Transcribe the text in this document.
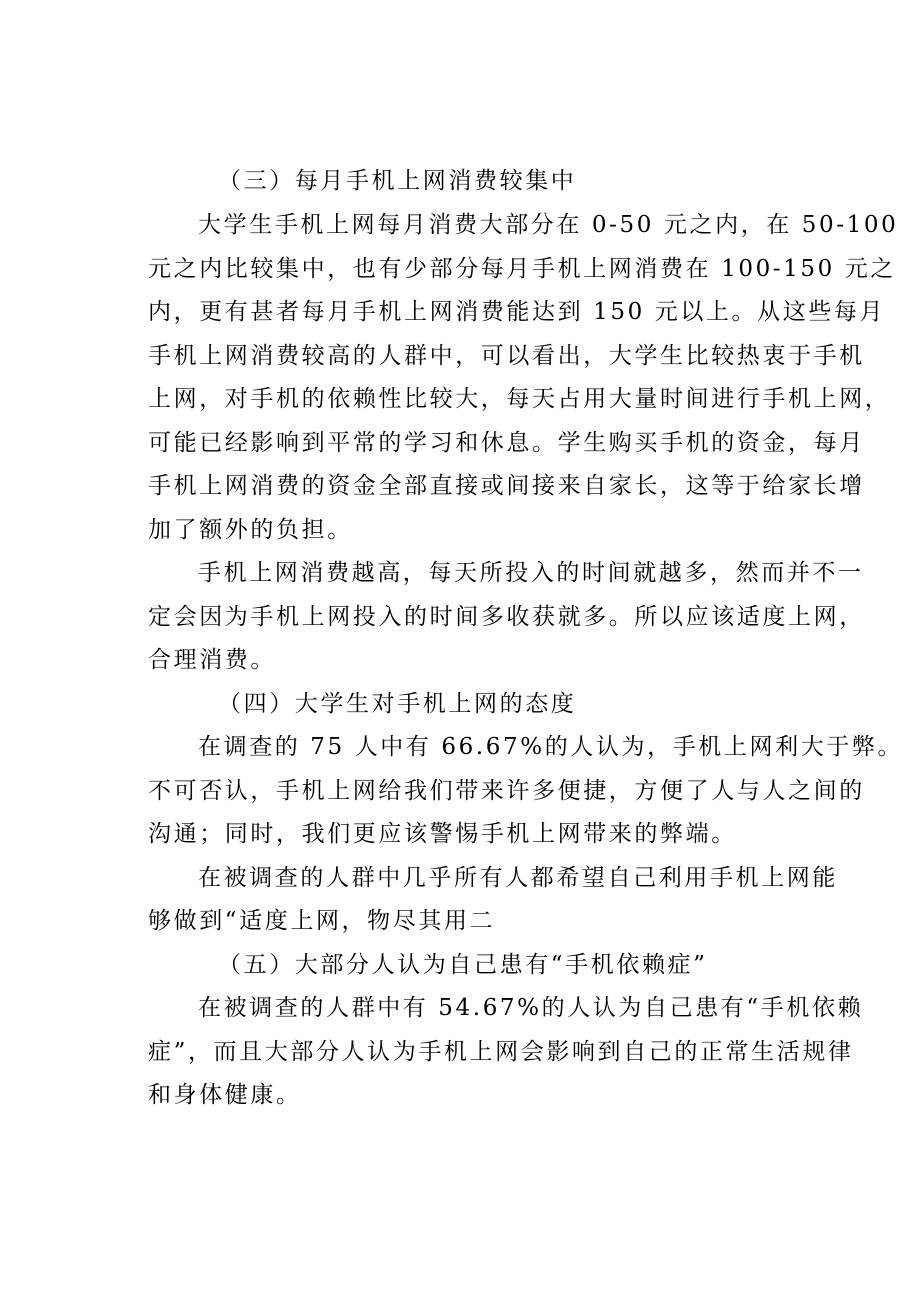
（三）每月手机上网消费较集中
大学生手机上网每月消费大部分在 0-50 元之内，在 50-100
元之内比较集中，也有少部分每月手机上网消费在 100-150 元之
内，更有甚者每月手机上网消费能达到 150 元以上。从这些每月
手机上网消费较高的人群中，可以看出，大学生比较热衷于手机
上网，对手机的依赖性比较大，每天占用大量时间进行手机上网，
可能已经影响到平常的学习和休息。学生购买手机的资金，每月
手机上网消费的资金全部直接或间接来自家长，这等于给家长增
加了额外的负担。
手机上网消费越高，每天所投入的时间就越多，然而并不一
定会因为手机上网投入的时间多收获就多。所以应该适度上网，
合理消费。
（四）大学生对手机上网的态度
在调查的 75 人中有 66.67%的人认为，手机上网利大于弊。
不可否认，手机上网给我们带来许多便捷，方便了人与人之间的
沟通；同时，我们更应该警惕手机上网带来的弊端。
在被调查的人群中几乎所有人都希望自己利用手机上网能
够做到“适度上网，物尽其用二
（五）大部分人认为自己患有“手机依赖症”
在被调查的人群中有 54.67%的人认为自己患有“手机依赖
症”，而且大部分人认为手机上网会影响到自己的正常生活规律
和身体健康。
